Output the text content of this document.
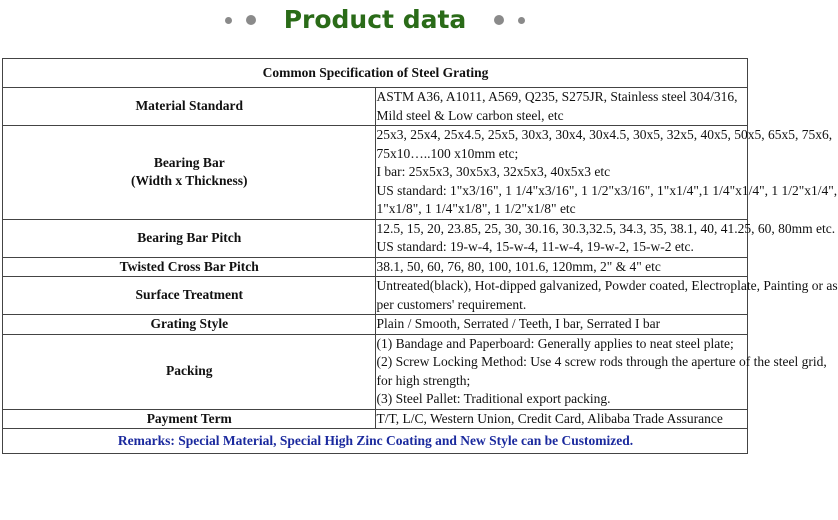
Product data
Common Specification of Steel Grating	

Material Standard	ASTM A36, A1011, A569, Q235, S275JR, Stainless steel 304/316,
Mild steel & Low carbon steel, etc

Bearing Bar
(Width x Thickness)	25x3, 25x4, 25x4.5, 25x5, 30x3, 30x4, 30x4.5, 30x5, 32x5, 40x5, 50x5, 65x5, 75x6,
75x10…..100 x10mm etc;
I bar: 25x5x3, 30x5x3, 32x5x3, 40x5x3 etc
US standard: 1"x3/16", 1 1/4"x3/16", 1 1/2"x3/16", 1"x1/4",1 1/4"x1/4", 1 1/2"x1/4",
1"x1/8", 1 1/4"x1/8", 1 1/2"x1/8" etc

Bearing Bar Pitch	12.5, 15, 20, 23.85, 25, 30, 30.16, 30.3,32.5, 34.3, 35, 38.1, 40, 41.25, 60, 80mm etc.
US standard: 19-w-4, 15-w-4, 11-w-4, 19-w-2, 15-w-2 etc.

Twisted Cross Bar Pitch	38.1, 50, 60, 76, 80, 100, 101.6, 120mm, 2" & 4" etc

Surface Treatment	Untreated(black), Hot-dipped galvanized, Powder coated, Electroplate, Painting or as
per customers' requirement.

Grating Style	Plain / Smooth, Serrated / Teeth, I bar, Serrated I bar

Packing	(1) Bandage and Paperboard: Generally applies to neat steel plate;
(2) Screw Locking Method: Use 4 screw rods through the aperture of the steel grid,
for high strength;
(3) Steel Pallet: Traditional export packing.

Payment Term	T/T, L/C, Western Union, Credit Card, Alibaba Trade Assurance

Remarks: Special Material, Special High Zinc Coating and New Style can be Customized.	
